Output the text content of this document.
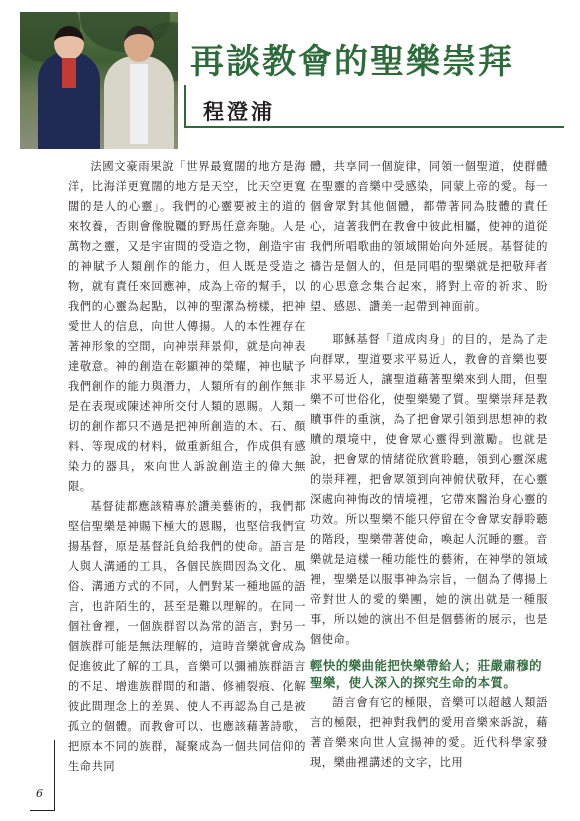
再談教會的聖樂崇拜
程澄浦

法國文豪雨果說「世界最寬闊的地方是海洋，比海洋更寬闊的地方是天空，比天空更寬闊的是人的心靈」。我們的心靈要被主的道的來牧養，否則會像脫韁的野馬任意奔馳。人是萬物之靈，又是宇宙間的受造之物，創造宇宙的神賦予人類創作的能力，但人既是受造之物，就有責任來回應神，成為上帝的幫手，以我們的心靈為起點，以神的聖潔為榜樣，把神愛世人的信息，向世人傳揚。人的本性裡存在著神形象的空間，向神崇拜景仰，就是向神表達敬意。神的創造在彰顯神的榮耀，神也賦予我們創作的能力與潛力，人類所有的創作無非是在表現或陳述神所交付人類的恩賜。人類一切的創作都只不過是把神所創造的木、石、顏料、等現成的材料，做重新組合，作成俱有感染力的器具，來向世人訴說創造主的偉大無限。

基督徒都應該精專於讚美藝術的，我們都堅信聖樂是神賜下極大的恩賜，也堅信我們宣揚基督，原是基督託負給我們的使命。語言是人與人溝通的工具，各個民族間因為文化、風俗、溝通方式的不同，人們對某一種地區的語言，也許陌生的，甚至是難以理解的。在同一個社會裡，一個族群習以為常的語言，對另一個族群可能是無法理解的，這時音樂就會成為促進彼此了解的工具，音樂可以彌補族群語言的不足、增進族群間的和諧、修補裂痕、化解彼此間理念上的差異、使人不再認為自己是被孤立的個體。而教會可以、也應該藉著詩歌，把原本不同的族群，凝聚成為一個共同信仰的生命共同

體，共享同一個旋律，同領一個聖道，使群體在聖靈的音樂中受感染，同蒙上帝的愛。每一個會眾對其他個體，都帶著同為肢體的責任心，這著我們在教會中彼此相屬，使神的道從我們所唱歌曲的領域開始向外延展。基督徒的禱告是個人的，但是同唱的聖樂就是把敬拜者的心思意念集合起來，將對上帝的祈求、盼望、感恩、讚美一起帶到神面前。

耶穌基督「道成肉身」的目的，是為了走向群眾，聖道要求平易近人，教會的音樂也要求平易近人，讓聖道藉著聖樂來到人間，但聖樂不可世俗化，使聖樂變了質。聖樂崇拜是教贖事件的重演，為了把會眾引領到思想神的救贖的環境中，使會眾心靈得到激勵。也就是說，把會眾的情緒從欣賞聆聽，領到心靈深處的崇拜裡，把會眾領到向神俯伏敬拜，在心靈深處向神悔改的情境裡，它帶來醫治身心靈的功效。所以聖樂不能只停留在令會眾安靜聆聽的階段，聖樂帶著使命，喚起人沉睡的靈。音樂就是這樣一種功能性的藝術，在神學的領域裡，聖樂是以服事神為宗旨，一個為了傳揚上帝對世人的愛的樂團，她的演出就是一種服事，所以她的演出不但是個藝術的展示，也是個使命。

輕快的樂曲能把快樂帶給人；莊嚴肅穆的聖樂，使人深入的探究生命的本質。

語言會有它的極限，音樂可以超越人類語言的極限，把神對我們的愛用音樂來訴說，藉著音樂來向世人宣揚神的愛。近代科學家發現，樂曲裡講述的文字，比用

6
